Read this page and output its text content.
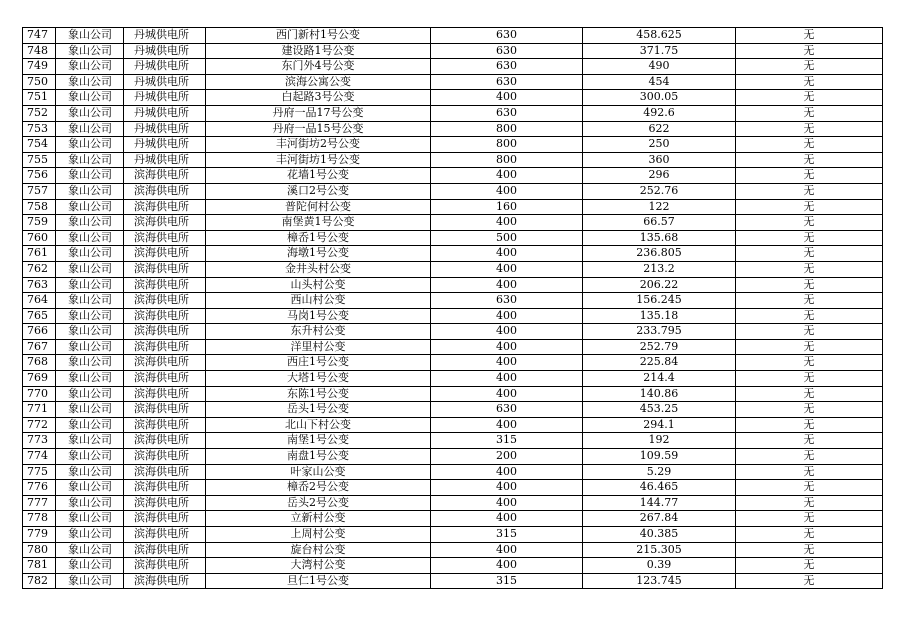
747	象山公司	丹城供电所	西门新村1号公变	630	458.625	无
748	象山公司	丹城供电所	建设路1号公变	630	371.75	无
749	象山公司	丹城供电所	东门外4号公变	630	490	无
750	象山公司	丹城供电所	滨海公寓公变	630	454	无
751	象山公司	丹城供电所	白起路3号公变	400	300.05	无
752	象山公司	丹城供电所	丹府一品17号公变	630	492.6	无
753	象山公司	丹城供电所	丹府一品15号公变	800	622	无
754	象山公司	丹城供电所	丰河街坊2号公变	800	250	无
755	象山公司	丹城供电所	丰河街坊1号公变	800	360	无
756	象山公司	滨海供电所	花墙1号公变	400	296	无
757	象山公司	滨海供电所	溪口2号公变	400	252.76	无
758	象山公司	滨海供电所	普陀何村公变	160	122	无
759	象山公司	滨海供电所	南堡黄1号公变	400	66.57	无
760	象山公司	滨海供电所	樟岙1号公变	500	135.68	无
761	象山公司	滨海供电所	海墩1号公变	400	236.805	无
762	象山公司	滨海供电所	金井头村公变	400	213.2	无
763	象山公司	滨海供电所	山头村公变	400	206.22	无
764	象山公司	滨海供电所	西山村公变	630	156.245	无
765	象山公司	滨海供电所	马岗1号公变	400	135.18	无
766	象山公司	滨海供电所	东升村公变	400	233.795	无
767	象山公司	滨海供电所	洋里村公变	400	252.79	无
768	象山公司	滨海供电所	西庄1号公变	400	225.84	无
769	象山公司	滨海供电所	大塔1号公变	400	214.4	无
770	象山公司	滨海供电所	东陈1号公变	400	140.86	无
771	象山公司	滨海供电所	岳头1号公变	630	453.25	无
772	象山公司	滨海供电所	北山下村公变	400	294.1	无
773	象山公司	滨海供电所	南堡1号公变	315	192	无
774	象山公司	滨海供电所	南盘1号公变	200	109.59	无
775	象山公司	滨海供电所	叶家山公变	400	5.29	无
776	象山公司	滨海供电所	樟岙2号公变	400	46.465	无
777	象山公司	滨海供电所	岳头2号公变	400	144.77	无
778	象山公司	滨海供电所	立新村公变	400	267.84	无
779	象山公司	滨海供电所	上周村公变	315	40.385	无
780	象山公司	滨海供电所	旋台村公变	400	215.305	无
781	象山公司	滨海供电所	大湾村公变	400	0.39	无
782	象山公司	滨海供电所	旦仁1号公变	315	123.745	无
